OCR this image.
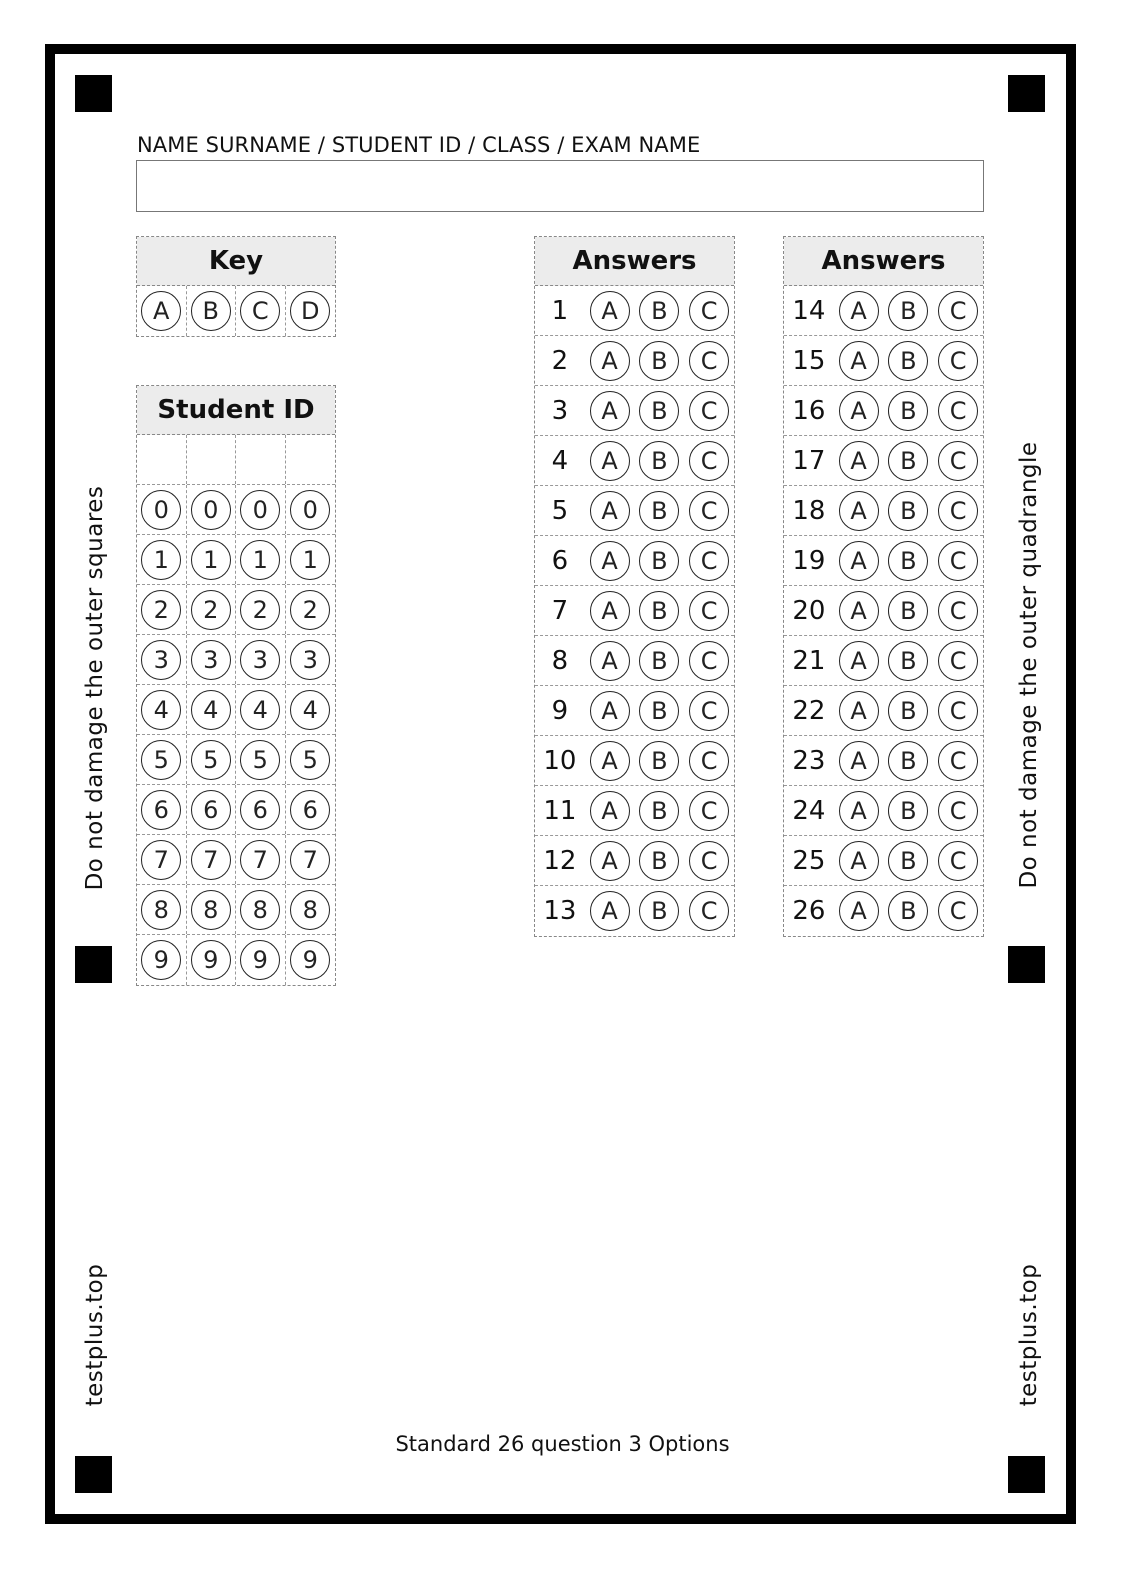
Do not damage the outer squares	Do not damage the outer quadrangle
testplus.top	testplus.top
NAME SURNAME / STUDENT ID / CLASS / EXAM NAME
Key
A	B	C	D
Student ID
0	0	0	0
1	1	1	1
2	2	2	2
3	3	3	3
4	4	4	4
5	5	5	5
6	6	6	6
7	7	7	7
8	8	8	8
9	9	9	9
Answers
1	A	B	C
2	A	B	C
3	A	B	C
4	A	B	C
5	A	B	C
6	A	B	C
7	A	B	C
8	A	B	C
9	A	B	C
10	A	B	C
11	A	B	C
12	A	B	C
13	A	B	C
Answers
14	A	B	C
15	A	B	C
16	A	B	C
17	A	B	C
18	A	B	C
19	A	B	C
20	A	B	C
21	A	B	C
22	A	B	C
23	A	B	C
24	A	B	C
25	A	B	C
26	A	B	C
Standard 26 question 3 Options
